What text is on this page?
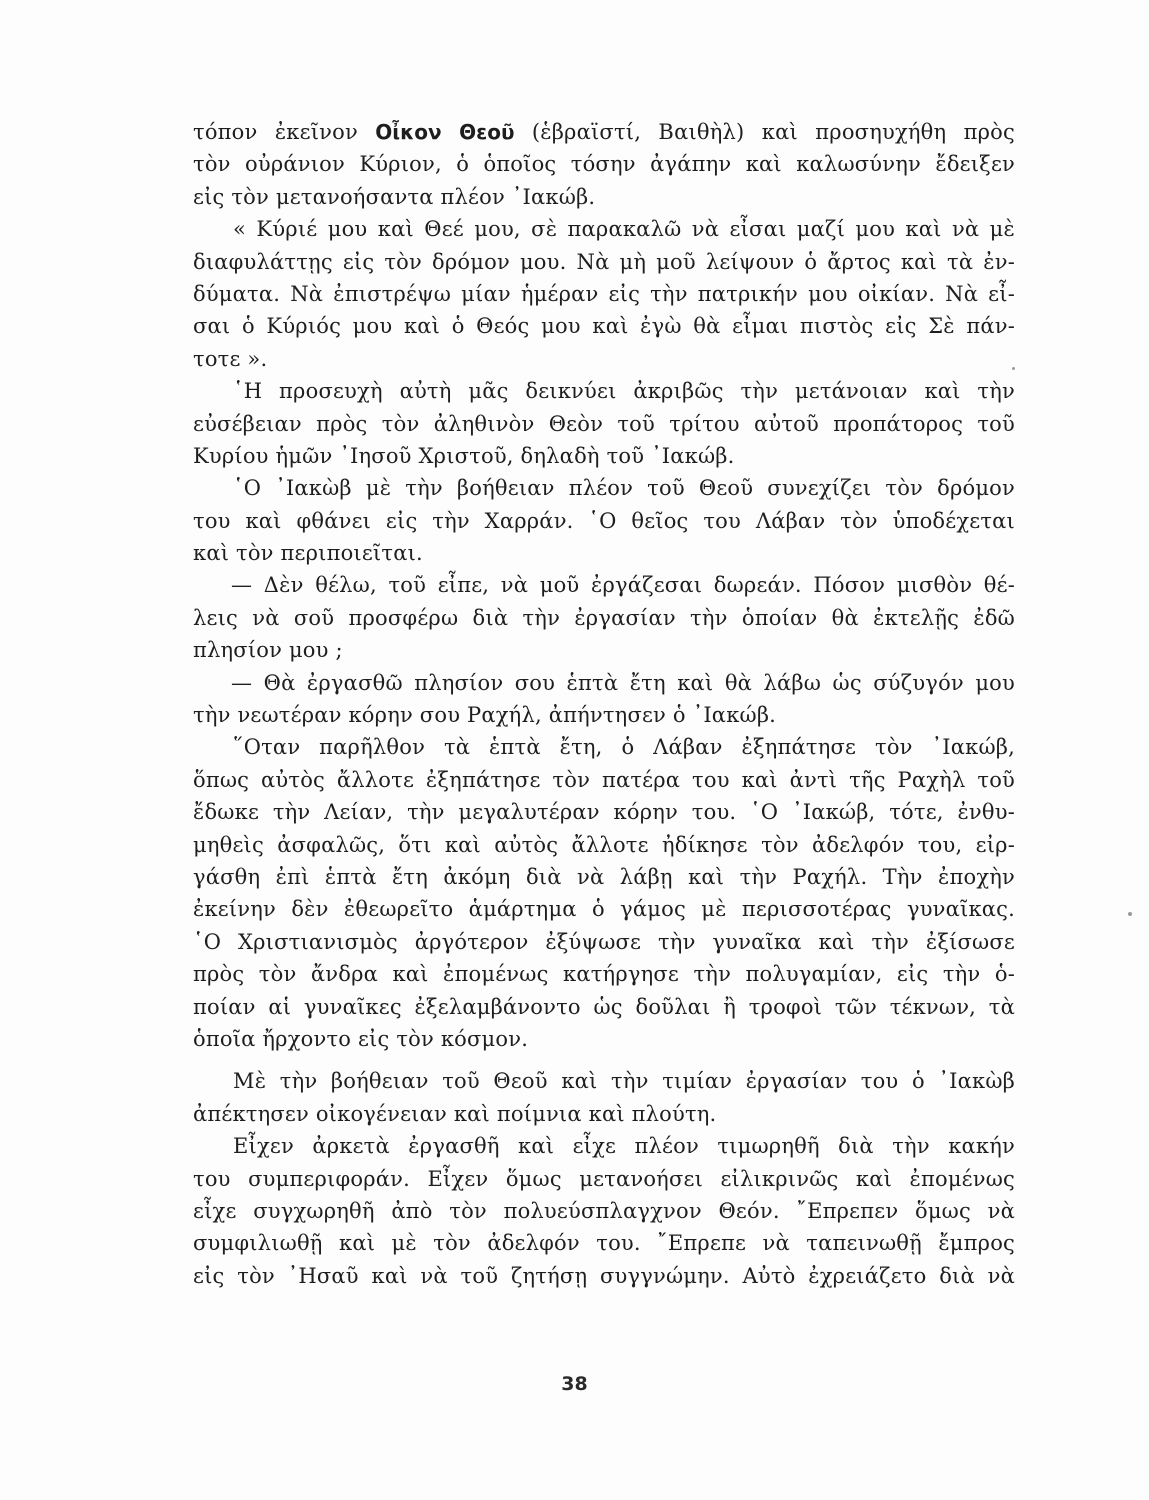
τόπον ἐκεῖνον Οἶκον Θεοῦ (ἑβραϊστί, Βαιθὴλ) καὶ προσηυχήθη πρὸς
τὸν οὐράνιον Κύριον, ὁ ὁποῖος τόσην ἀγάπην καὶ καλωσύνην ἔδειξεν
εἰς τὸν μετανοήσαντα πλέον ᾿Ιακώβ.
« Κύριέ μου καὶ Θεέ μου, σὲ παρακαλῶ νὰ εἶσαι μαζί μου καὶ νὰ μὲ
διαφυλάττῃς εἰς τὸν δρόμον μου. Νὰ μὴ μοῦ λείψουν ὁ ἄρτος καὶ τὰ ἐν-
δύματα. Νὰ ἐπιστρέψω μίαν ἡμέραν εἰς τὴν πατρικήν μου οἰκίαν. Νὰ εἶ-
σαι ὁ Κύριός μου καὶ ὁ Θεός μου καὶ ἐγὼ θὰ εἶμαι πιστὸς εἰς Σὲ πάν-
τοτε ».
῾Η προσευχὴ αὐτὴ μᾶς δεικνύει ἀκριβῶς τὴν μετάνοιαν καὶ τὴν
εὐσέβειαν πρὸς τὸν ἀληθινὸν Θεὸν τοῦ τρίτου αὐτοῦ προπάτορος τοῦ
Κυρίου ἡμῶν ᾿Ιησοῦ Χριστοῦ, δηλαδὴ τοῦ ᾿Ιακώβ.
῾Ο ᾿Ιακὼβ μὲ τὴν βοήθειαν πλέον τοῦ Θεοῦ συνεχίζει τὸν δρόμον
του καὶ φθάνει εἰς τὴν Χαρράν. ῾Ο θεῖος του Λάβαν τὸν ὑποδέχεται
καὶ τὸν περιποιεῖται.
— Δὲν θέλω, τοῦ εἶπε, νὰ μοῦ ἐργάζεσαι δωρεάν. Πόσον μισθὸν θέ-
λεις νὰ σοῦ προσφέρω διὰ τὴν ἐργασίαν τὴν ὁποίαν θὰ ἐκτελῇς ἐδῶ
πλησίον μου ;
— Θὰ ἐργασθῶ πλησίον σου ἑπτὰ ἔτη καὶ θὰ λάβω ὡς σύζυγόν μου
τὴν νεωτέραν κόρην σου Ραχήλ, ἀπήντησεν ὁ ᾿Ιακώβ.
῞Οταν παρῆλθον τὰ ἑπτὰ ἔτη, ὁ Λάβαν ἐξηπάτησε τὸν ᾿Ιακώβ,
ὅπως αὐτὸς ἄλλοτε ἐξηπάτησε τὸν πατέρα του καὶ ἀντὶ τῆς Ραχὴλ τοῦ
ἔδωκε τὴν Λείαν, τὴν μεγαλυτέραν κόρην του. ῾Ο ᾿Ιακώβ, τότε, ἐνθυ-
μηθεὶς ἀσφαλῶς, ὅτι καὶ αὐτὸς ἄλλοτε ἠδίκησε τὸν ἀδελφόν του, εἰρ-
γάσθη ἐπὶ ἑπτὰ ἔτη ἀκόμη διὰ νὰ λάβῃ καὶ τὴν Ραχήλ. Τὴν ἐποχὴν
ἐκείνην δὲν ἐθεωρεῖτο ἁμάρτημα ὁ γάμος μὲ περισσοτέρας γυναῖκας.
῾Ο Χριστιανισμὸς ἀργότερον ἐξύψωσε τὴν γυναῖκα καὶ τὴν ἐξίσωσε
πρὸς τὸν ἄνδρα καὶ ἐπομένως κατήργησε τὴν πολυγαμίαν, εἰς τὴν ὁ-
ποίαν αἱ γυναῖκες ἐξελαμβάνοντο ὡς δοῦλαι ἢ τροφοὶ τῶν τέκνων, τὰ
ὁποῖα ἤρχοντο εἰς τὸν κόσμον.
Μὲ τὴν βοήθειαν τοῦ Θεοῦ καὶ τὴν τιμίαν ἐργασίαν του ὁ ᾿Ιακὼβ
ἀπέκτησεν οἰκογένειαν καὶ ποίμνια καὶ πλούτη.
Εἶχεν ἀρκετὰ ἐργασθῆ καὶ εἶχε πλέον τιμωρηθῆ διὰ τὴν κακήν
του συμπεριφοράν. Εἶχεν ὅμως μετανοήσει εἰλικρινῶς καὶ ἐπομένως
εἶχε συγχωρηθῆ ἀπὸ τὸν πολυεύσπλαγχνον Θεόν. ῎Επρεπεν ὅμως νὰ
συμφιλιωθῇ καὶ μὲ τὸν ἀδελφόν του. ῎Επρεπε νὰ ταπεινωθῇ ἔμπρος
εἰς τὸν ᾿Ησαῦ καὶ νὰ τοῦ ζητήσῃ συγγνώμην. Αὐτὸ ἐχρειάζετο διὰ νὰ
38
